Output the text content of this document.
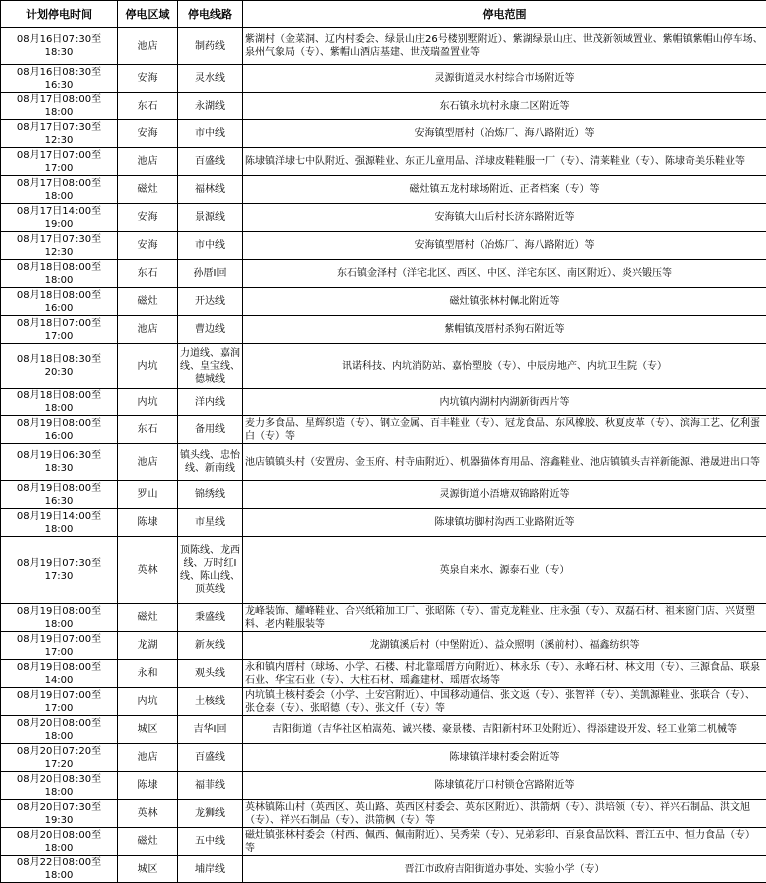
计划停电时间	停电区域	停电线路	停电范围
08月16日07:30至18:30	池店	制药线	紫湖村（金菜洞、辽内村委会、绿景山庄26号楼别墅附近）、紫湖绿景山庄、世茂新领域置业、紫帽镇紫帽山停车场、泉州气象局（专）、紫帽山酒店基建、世茂瑞盈置业等
08月16日08:30至16:30	安海	灵水线	灵源街道灵水村综合市场附近等
08月17日08:00至18:00	东石	永湖线	东石镇永坑村永康二区附近等
08月17日07:30至12:30	安海	市中线	安海镇型厝村（冶炼厂、海八路附近）等
08月17日07:00至17:00	池店	百盛线	陈埭镇洋埭七中队附近、强源鞋业、东正儿童用品、洋埭皮鞋鞋服一厂（专）、清莱鞋业（专）、陈埭奇美乐鞋业等
08月17日08:00至18:00	磁灶	福林线	磁灶镇五龙村球场附近、正者档案（专）等
08月17日14:00至19:00	安海	景源线	安海镇大山后村长济东路附近等
08月17日07:30至12:30	安海	市中线	安海镇型厝村（冶炼厂、海八路附近）等
08月18日08:00至18:00	东石	孙厝Ⅰ回	东石镇金泽村（洋宅北区、西区、中区、洋宅东区、南区附近）、炎兴锻压等
08月18日08:00至16:00	磁灶	开达线	磁灶镇张林村佩北附近等
08月18日07:00至17:00	池店	曹边线	紫帽镇茂厝村杀狗石附近等
08月18日08:30至20:30	内坑	力道线、嘉润线、皇宝线、德城线	讯诺科技、内坑消防站、嘉怡塑胶（专）、中辰房地产、内坑卫生院（专）
08月18日08:00至18:00	内坑	洋内线	内坑镇内湖村内湖新街西片等
08月19日08:00至16:00	东石	备用线	麦力多食品、星辉织造（专）、钢立金属、百丰鞋业（专）、冠龙食品、东风橡胶、秋夏皮革（专）、滨海工艺、亿利蛋白（专）等
08月19日06:30至18:30	池店	镇头线、忠怡线、新南线	池店镇镇头村（安置房、金玉府、村寺庙附近）、机器猫体育用品、溶鑫鞋业、池店镇镇头吉祥新能源、港晟进出口等
08月19日08:00至16:30	罗山	锦绣线	灵源街道小浯塘双锦路附近等
08月19日14:00至18:00	陈埭	市星线	陈埭镇坊脚村沟西工业路附近等
08月19日07:30至17:30	英林	顶陈线、龙西线、万时红Ⅰ线、陈山线、顶英线	英泉自来水、源泰石业（专）
08月19日08:00至18:00	磁灶	秉盛线	龙峰装饰、耀峰鞋业、合兴纸箱加工厂、张昭陈（专）、雷克龙鞋业、庄永强（专）、双磊石材、祖来窗门店、兴贤塑料、老内鞋服装等
08月19日07:00至17:00	龙湖	新灰线	龙湖镇溪后村（中堡附近）、益众照明（溪前村）、福鑫纺织等
08月19日08:00至14:00	永和	观头线	永和镇内厝村（球场、小学、石楼、村北靠瑶厝方向附近）、林永乐（专）、永峰石材、林文用（专）、三源食品、联泉石业、华宝石业（专）、大柱石材、瑶鑫建材、瑶厝农场等
08月19日07:00至17:00	内坑	土核线	内坑镇土核村委会（小学、土安宫附近）、中国移动通信、张文返（专）、张智祥（专）、美凯源鞋业、张联合（专）、张仓泰（专）、张昭德（专）、张文仟（专）等
08月20日08:00至18:00	城区	吉华Ⅰ回	吉阳街道（吉华社区柏嵩苑、诚兴楼、豪景楼、吉阳新村环卫处附近）、得添建设开发、轻工业第二机械等
08月20日07:20至17:20	池店	百盛线	陈埭镇洋埭村委会附近等
08月20日08:30至18:00	陈埭	福菲线	陈埭镇花厅口村锁仓宫路附近等
08月20日07:30至19:30	英林	龙狮线	英林镇陈山村（英西区、英山路、英西区村委会、英东区附近）、洪箭炳（专）、洪培领（专）、祥兴石制品、洪文旭（专）、祥兴石制品（专）、洪箭枫（专）等
08月20日08:00至18:00	磁灶	五中线	磁灶镇张林村委会（村西、佩西、佩南附近）、吴秀荣（专）、兄弟彩印、百泉食品饮料、晋江五中、恒力食品（专）等
08月22日08:00至18:00	城区	埔岸线	晋江市政府吉阳街道办事处、实验小学（专）
